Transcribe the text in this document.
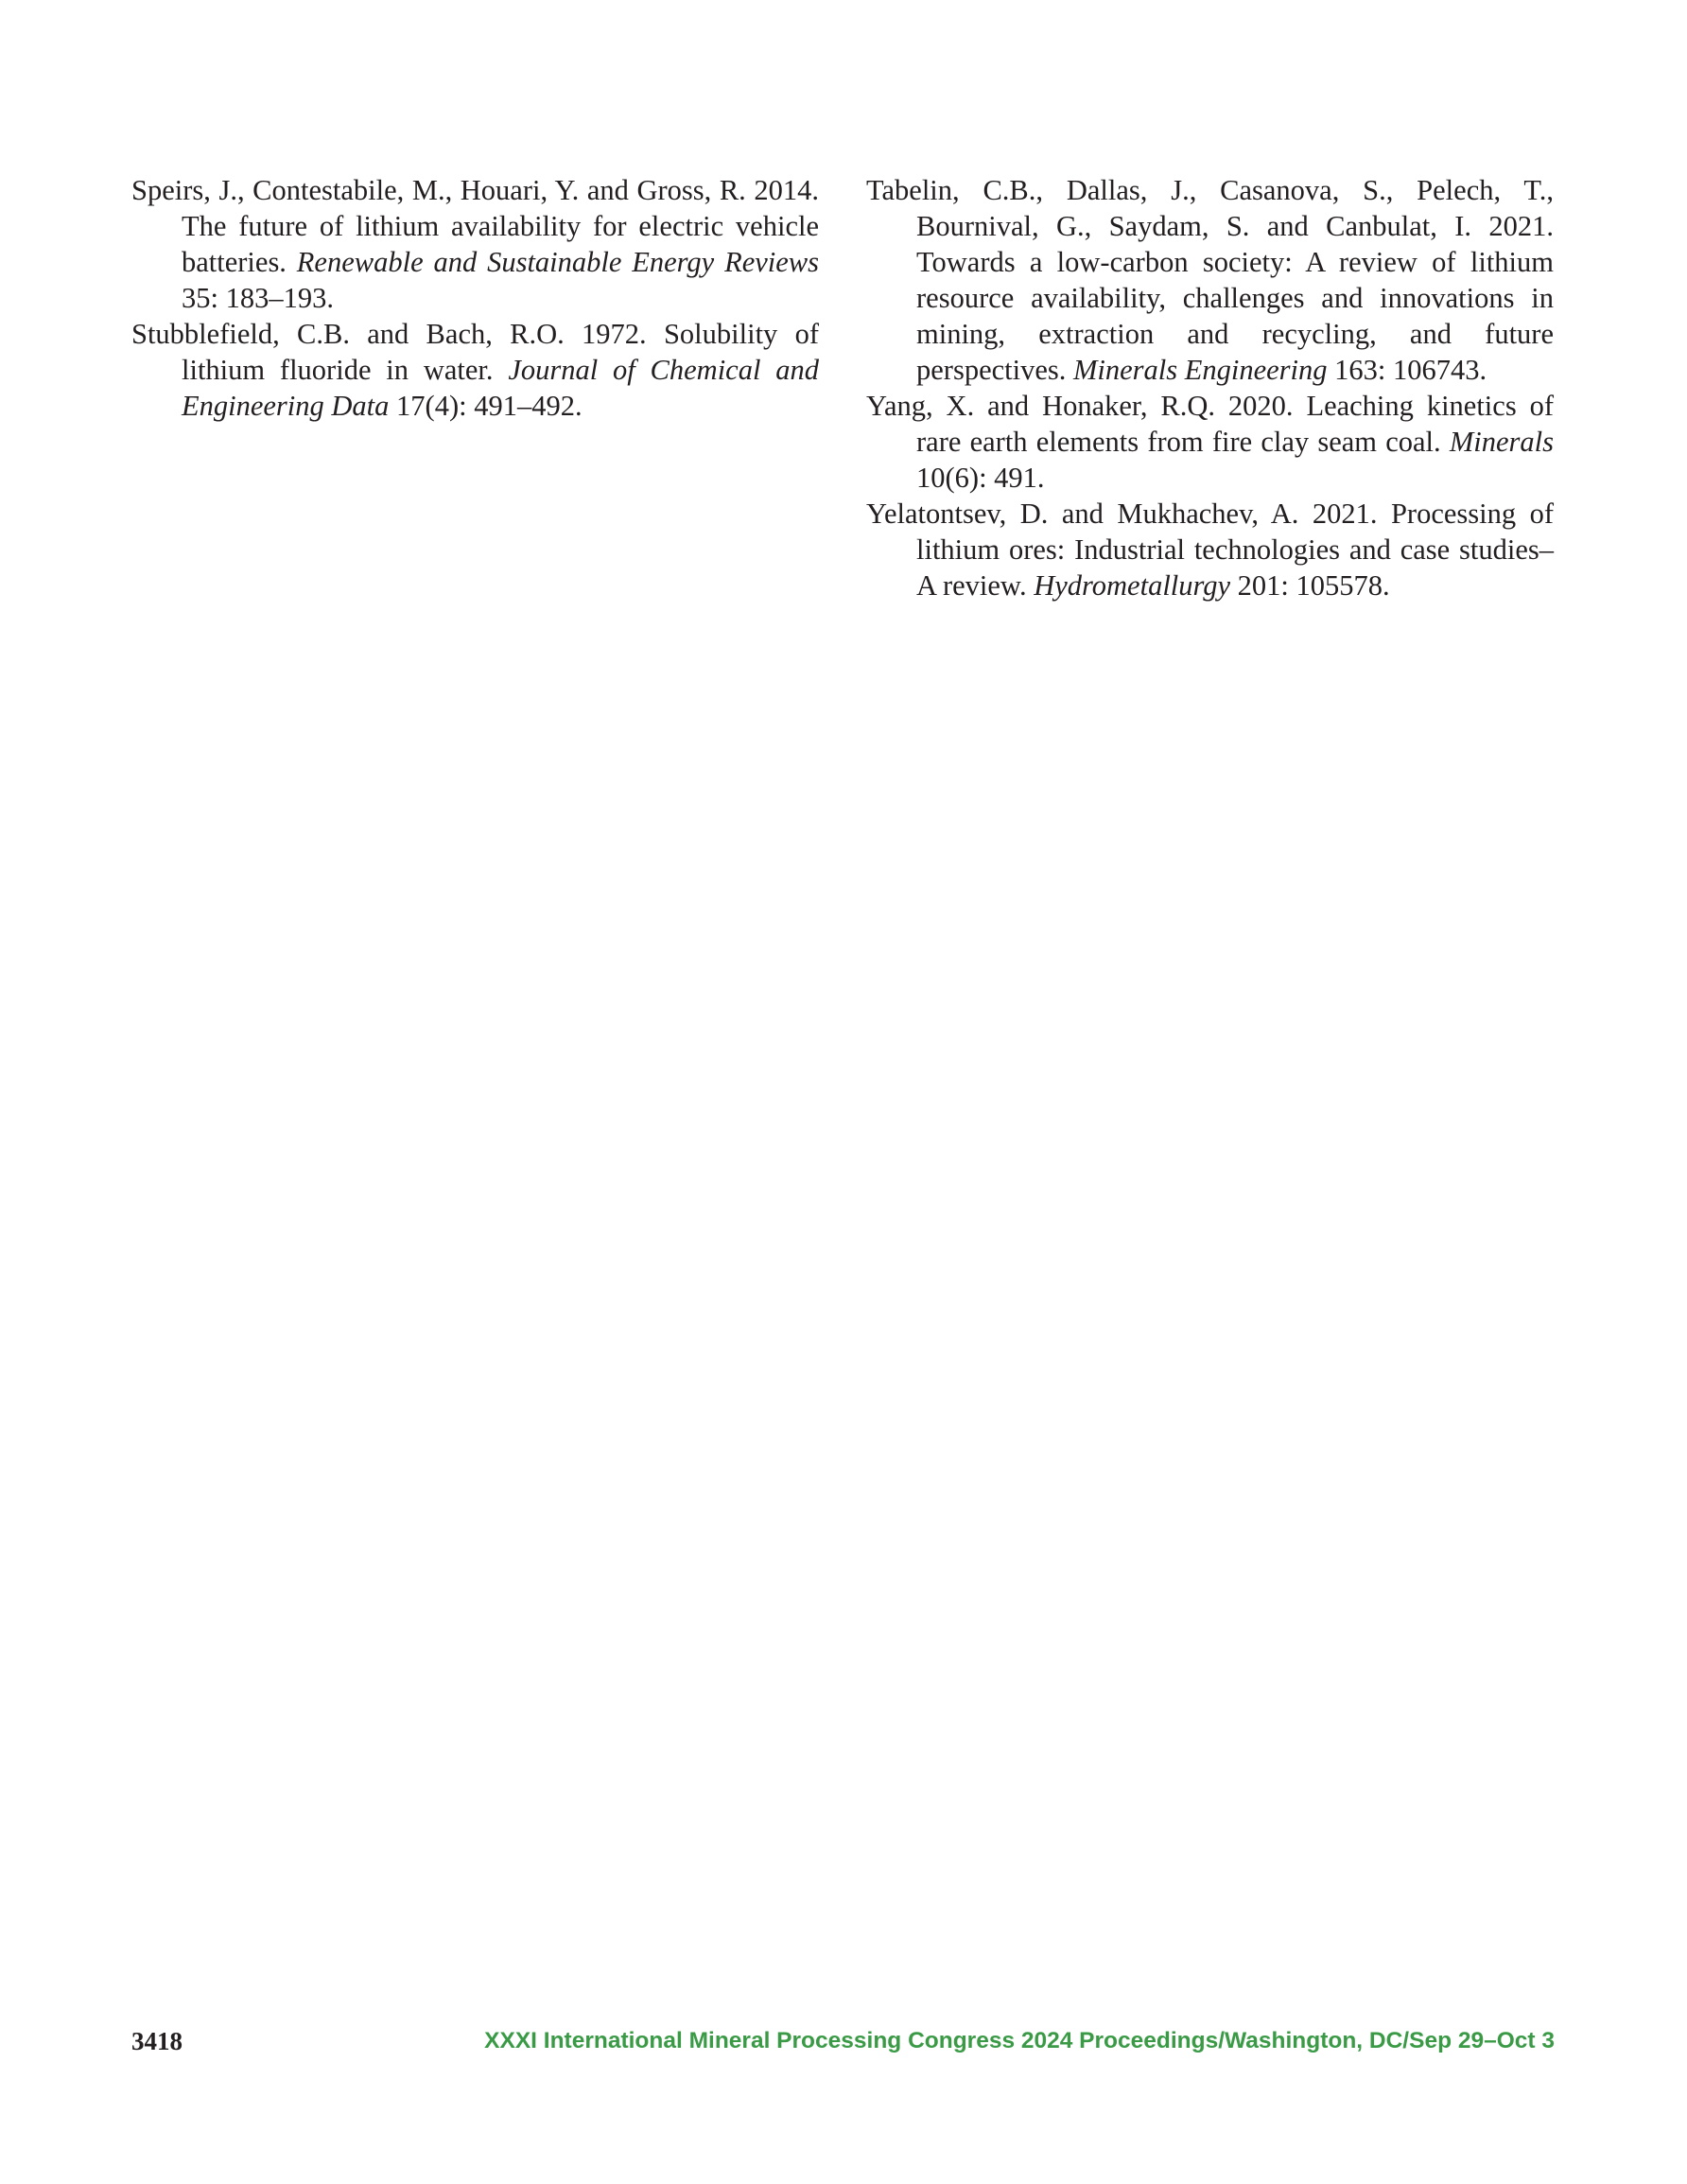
Speirs, J., Contestabile, M., Houari, Y. and Gross, R. 2014. The future of lithium availability for electric vehicle batteries. Renewable and Sustainable Energy Reviews 35: 183–193.

Stubblefield, C.B. and Bach, R.O. 1972. Solubility of lithium fluoride in water. Journal of Chemical and Engineering Data 17(4): 491–492.

Tabelin, C.B., Dallas, J., Casanova, S., Pelech, T., Bournival, G., Saydam, S. and Canbulat, I. 2021. Towards a low-carbon society: A review of lithium resource availability, challenges and innovations in mining, extraction and recycling, and future perspectives. Minerals Engineering 163: 106743.

Yang, X. and Honaker, R.Q. 2020. Leaching kinetics of rare earth elements from fire clay seam coal. Minerals 10(6): 491.

Yelatontsev, D. and Mukhachev, A. 2021. Processing of lithium ores: Industrial technologies and case studies–A review. Hydrometallurgy 201: 105578.

3418	XXXI International Mineral Processing Congress 2024 Proceedings/Washington, DC/Sep 29–Oct 3
